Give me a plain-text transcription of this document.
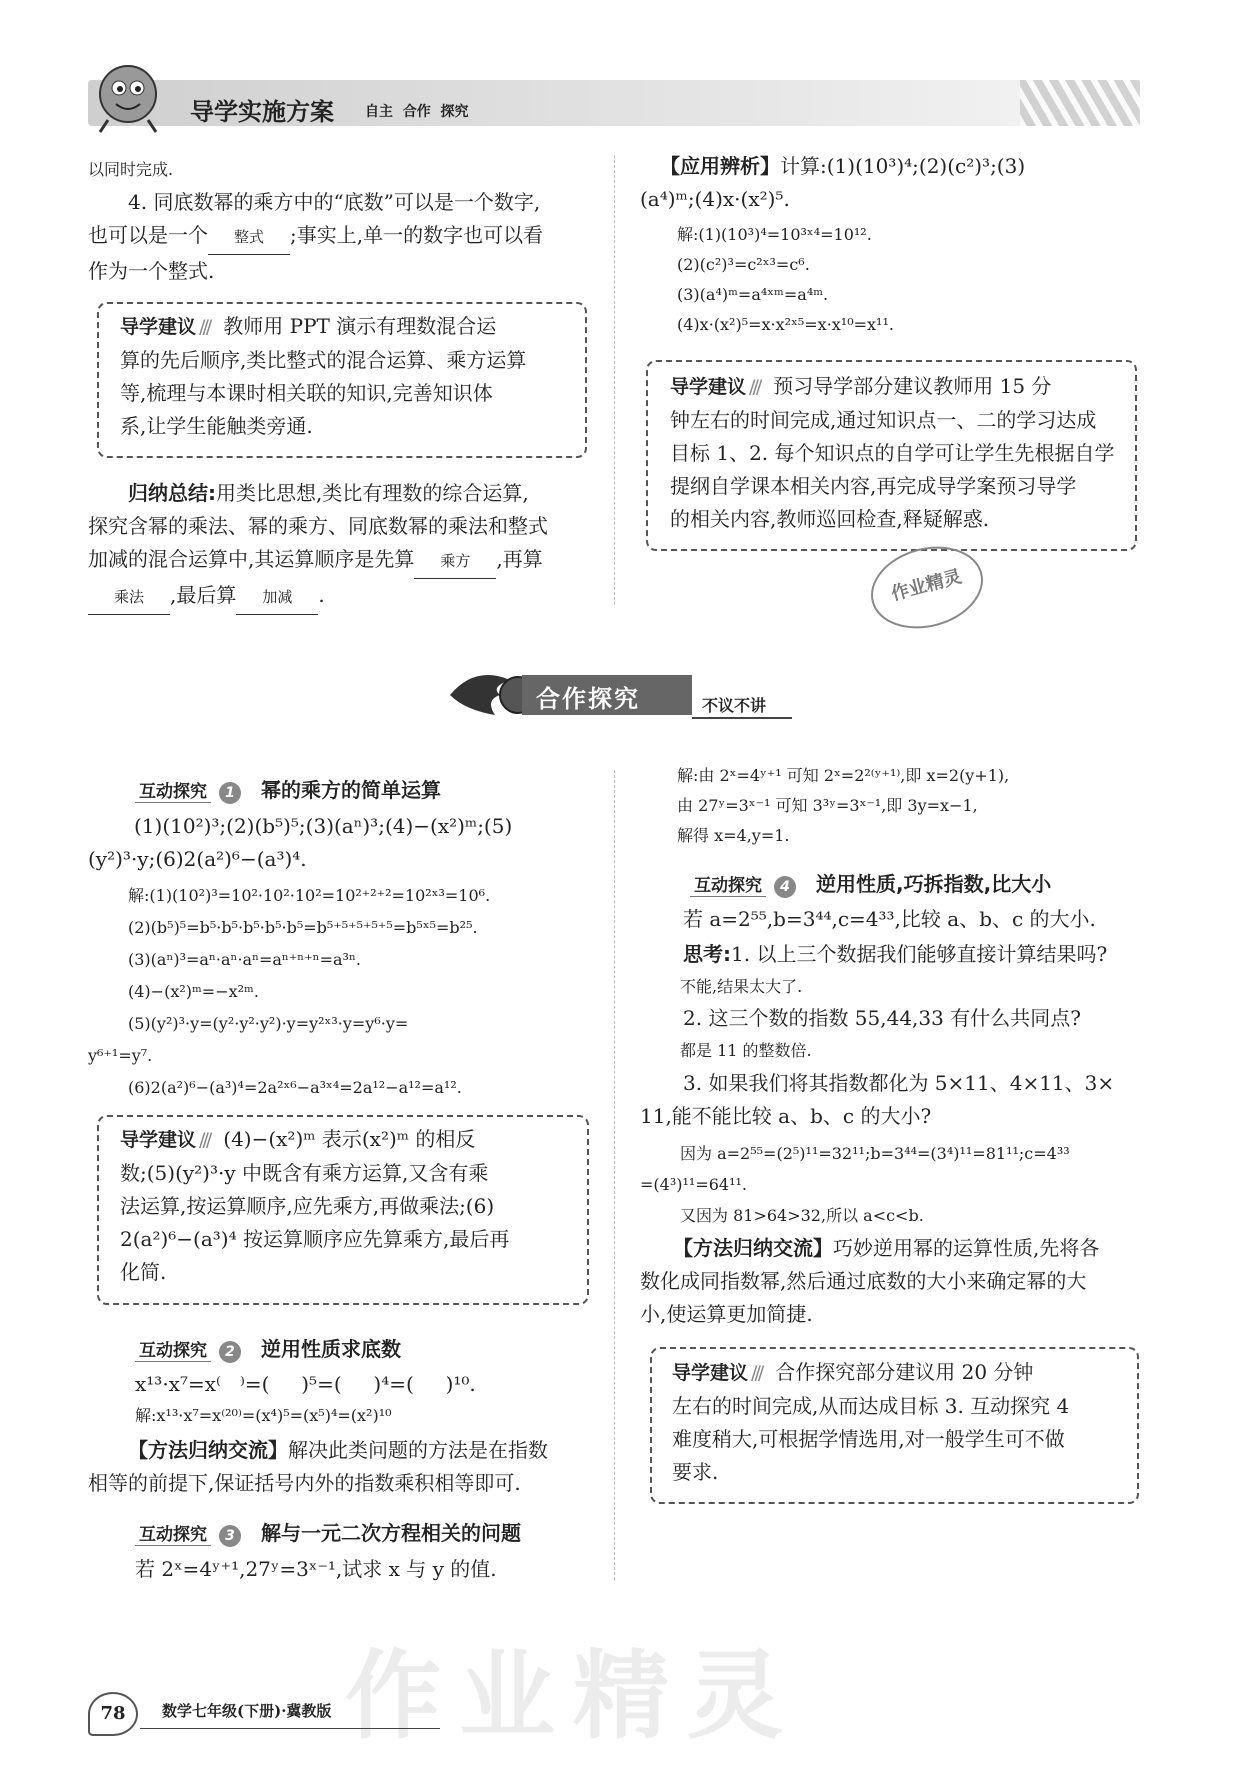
导学实施方案 自主  合作  探究
以同时完成.
4. 同底数幂的乘方中的“底数”可以是一个数字,
也可以是一个 整式 ;事实上,单一的数字也可以看
作为一个整式.
导学建议 /// 教师用 PPT 演示有理数混合运
算的先后顺序,类比整式的混合运算、乘方运算
等,梳理与本课时相关联的知识,完善知识体
系,让学生能触类旁通.
归纳总结:用类比思想,类比有理数的综合运算,
探究含幂的乘法、幂的乘方、同底数幂的乘法和整式
加减的混合运算中,其运算顺序是先算 乘方 ,再算
乘法 ,最后算 加减 .
【应用辨析】计算:(1)(10³)⁴;(2)(c²)³;(3)
(a⁴)ᵐ;(4)x·(x²)⁵.
解:(1)(10³)⁴=10³ˣ⁴=10¹².
(2)(c²)³=c²ˣ³=c⁶.
(3)(a⁴)ᵐ=a⁴ˣᵐ=a⁴ᵐ.
(4)x·(x²)⁵=x·x²ˣ⁵=x·x¹⁰=x¹¹.
导学建议 /// 预习导学部分建议教师用 15 分
钟左右的时间完成,通过知识点一、二的学习达成
目标 1、2. 每个知识点的自学可让学生先根据自学
提纲自学课本相关内容,再完成导学案预习导学
的相关内容,教师巡回检查,释疑解惑.
作业精灵
合作探究	不议不讲
互动探究 1 幂的乘方的简单运算
(1)(10²)³;(2)(b⁵)⁵;(3)(aⁿ)³;(4)−(x²)ᵐ;(5)
(y²)³·y;(6)2(a²)⁶−(a³)⁴.
解:(1)(10²)³=10²·10²·10²=10²⁺²⁺²=10²ˣ³=10⁶.
(2)(b⁵)⁵=b⁵·b⁵·b⁵·b⁵·b⁵=b⁵⁺⁵⁺⁵⁺⁵⁺⁵=b⁵ˣ⁵=b²⁵.
(3)(aⁿ)³=aⁿ·aⁿ·aⁿ=aⁿ⁺ⁿ⁺ⁿ=a³ⁿ.
(4)−(x²)ᵐ=−x²ᵐ.
(5)(y²)³·y=(y²·y²·y²)·y=y²ˣ³·y=y⁶·y=
y⁶⁺¹=y⁷.
(6)2(a²)⁶−(a³)⁴=2a²ˣ⁶−a³ˣ⁴=2a¹²−a¹²=a¹².
导学建议 /// (4)−(x²)ᵐ 表示(x²)ᵐ 的相反
数;(5)(y²)³·y 中既含有乘方运算,又含有乘
法运算,按运算顺序,应先乘方,再做乘法;(6)
2(a²)⁶−(a³)⁴ 按运算顺序应先算乘方,最后再
化简.
互动探究 2 逆用性质求底数
x¹³·x⁷=x⁽   ⁾=(     )⁵=(     )⁴=(     )¹⁰.
解:x¹³·x⁷=x⁽²⁰⁾=(x⁴)⁵=(x⁵)⁴=(x²)¹⁰
【方法归纳交流】解决此类问题的方法是在指数
相等的前提下,保证括号内外的指数乘积相等即可.
互动探究 3 解与一元二次方程相关的问题
若 2ˣ=4ʸ⁺¹,27ʸ=3ˣ⁻¹,试求 x 与 y 的值.
解:由 2ˣ=4ʸ⁺¹ 可知 2ˣ=2²⁽ʸ⁺¹⁾,即 x=2(y+1),
由 27ʸ=3ˣ⁻¹ 可知 3³ʸ=3ˣ⁻¹,即 3y=x−1,
解得 x=4,y=1.
互动探究 4 逆用性质,巧拆指数,比大小
若 a=2⁵⁵,b=3⁴⁴,c=4³³,比较 a、b、c 的大小.
思考:1. 以上三个数据我们能够直接计算结果吗?
不能,结果太大了.
2. 这三个数的指数 55,44,33 有什么共同点?
都是 11 的整数倍.
3. 如果我们将其指数都化为 5×11、4×11、3×
11,能不能比较 a、b、c 的大小?
因为 a=2⁵⁵=(2⁵)¹¹=32¹¹;b=3⁴⁴=(3⁴)¹¹=81¹¹;c=4³³
=(4³)¹¹=64¹¹.
又因为 81>64>32,所以 a<c<b.
【方法归纳交流】巧妙逆用幂的运算性质,先将各
数化成同指数幂,然后通过底数的大小来确定幂的大
小,使运算更加简捷.
导学建议 /// 合作探究部分建议用 20 分钟
左右的时间完成,从而达成目标 3. 互动探究 4
难度稍大,可根据学情选用,对一般学生可不做
要求.
作业精灵
78	数学七年级(下册)·冀教版
